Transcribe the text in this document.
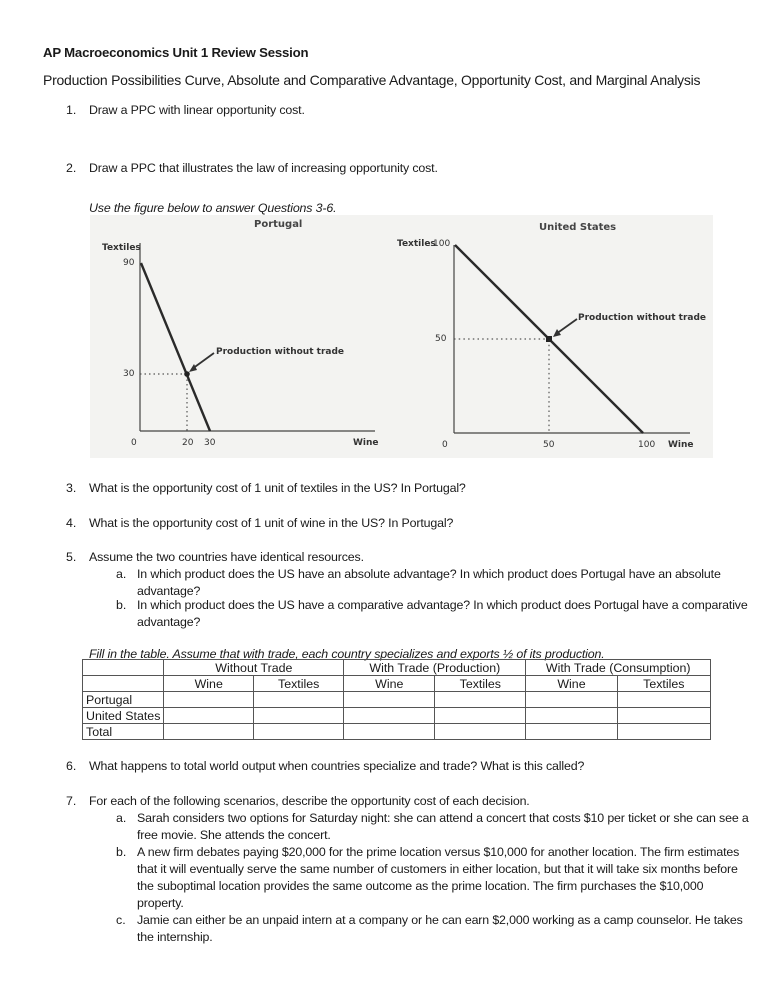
AP Macroeconomics Unit 1 Review Session
Production Possibilities Curve, Absolute and Comparative Advantage, Opportunity Cost, and Marginal Analysis
1.	Draw a PPC with linear opportunity cost.
2.	Draw a PPC that illustrates the law of increasing opportunity cost.
Use the figure below to answer Questions 3-6.
Portugal
Textiles
90
30
0	20 30	Wine
Production without trade
United States
Textiles
100
50
0	50	100 Wine
Production without trade
3.	What is the opportunity cost of 1 unit of textiles in the US? In Portugal?
4.	What is the opportunity cost of 1 unit of wine in the US? In Portugal?
5.	Assume the two countries have identical resources.
a. In which product does the US have an absolute advantage? In which product does Portugal have an absolute
advantage?
b. In which product does the US have a comparative advantage? In which product does Portugal have a comparative
advantage?
Fill in the table. Assume that with trade, each country specializes and exports ½ of its production.
	Without Trade		With Trade (Production)		With Trade (Consumption)	
	Wine	Textiles	Wine	Textiles	Wine	Textiles
Portugal						
United States						
Total						
6.	What happens to total world output when countries specialize and trade? What is this called?
7.	For each of the following scenarios, describe the opportunity cost of each decision.
a. Sarah considers two options for Saturday night: she can attend a concert that costs $10 per ticket or she can see a
free movie. She attends the concert.
b. A new firm debates paying $20,000 for the prime location versus $10,000 for another location. The firm estimates
that it will eventually serve the same number of customers in either location, but that it will take six months before
the suboptimal location provides the same outcome as the prime location. The firm purchases the $10,000
property.
c. Jamie can either be an unpaid intern at a company or he can earn $2,000 working as a camp counselor. He takes
the internship.
